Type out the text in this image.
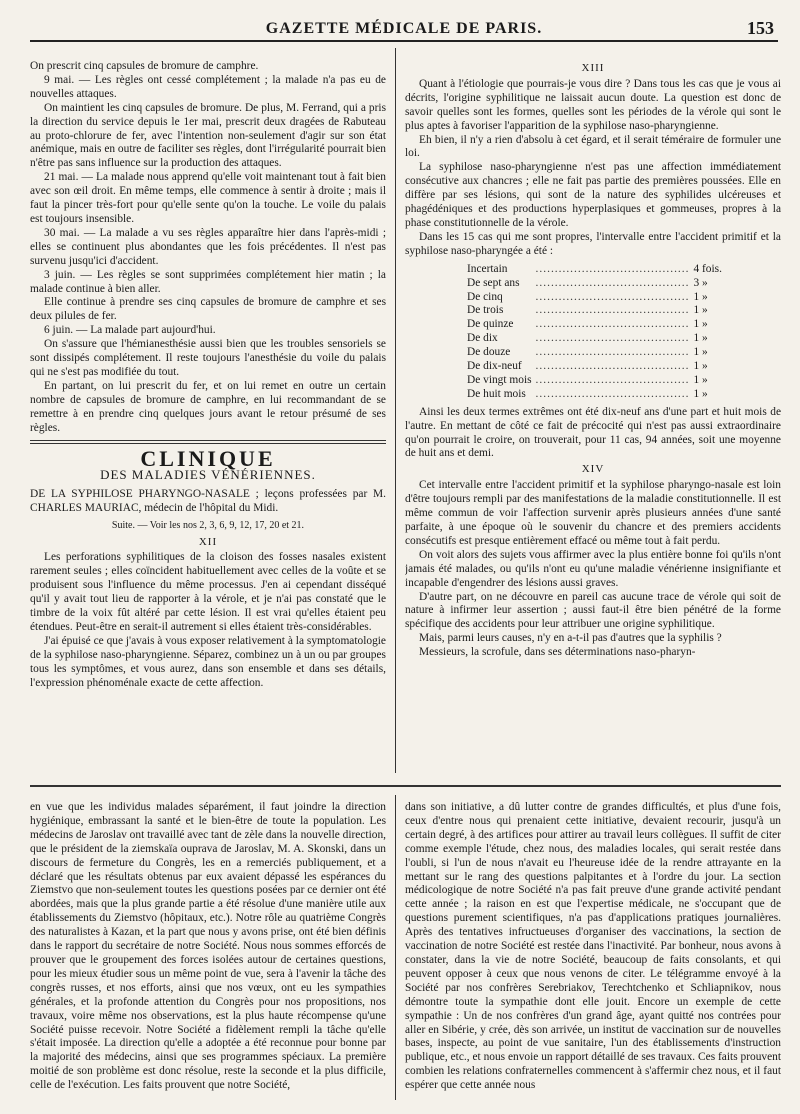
GAZETTE MÉDICALE DE PARIS.	153

On prescrit cinq capsules de bromure de camphre.

9 mai. — Les règles ont cessé complétement ; la malade n'a pas eu de nouvelles attaques.

On maintient les cinq capsules de bromure. De plus, M. Ferrand, qui a pris la direction du service depuis le 1er mai, prescrit deux dragées de Rabuteau au proto-chlorure de fer, avec l'intention non-seulement d'agir sur son état anémique, mais en outre de faciliter ses règles, dont l'irrégularité pourrait bien n'être pas sans influence sur la production des attaques.

21 mai. — La malade nous apprend qu'elle voit maintenant tout à fait bien avec son œil droit. En même temps, elle commence à sentir à droite ; mais il faut la pincer très-fort pour qu'elle sente qu'on la touche. Le voile du palais est toujours insensible.

30 mai. — La malade a vu ses règles apparaître hier dans l'après-midi ; elles se continuent plus abondantes que les fois précédentes. Il n'est pas survenu jusqu'ici d'accident.

3 juin. — Les règles se sont supprimées complétement hier matin ; la malade continue à bien aller.

Elle continue à prendre ses cinq capsules de bromure de camphre et ses deux pilules de fer.

6 juin. — La malade part aujourd'hui.

On s'assure que l'hémianesthésie aussi bien que les troubles sensoriels se sont dissipés complétement. Il reste toujours l'anesthésie du voile du palais qui ne s'est pas modifiée du tout.

En partant, on lui prescrit du fer, et on lui remet en outre un certain nombre de capsules de bromure de camphre, en lui recommandant de se remettre à en prendre cinq quelques jours avant le retour présumé de ses règles.

CLINIQUE
DES MALADIES VÉNÉRIENNES.

DE LA SYPHILOSE PHARYNGO-NASALE ; leçons professées par M. CHARLES MAURIAC, médecin de l'hôpital du Midi.

Suite. — Voir les nos 2, 3, 6, 9, 12, 17, 20 et 21.
XII

Les perforations syphilitiques de la cloison des fosses nasales existent rarement seules ; elles coïncident habituellement avec celles de la voûte et se produisent sous l'influence du même processus. J'en ai cependant disséqué qu'il y avait tout lieu de rapporter à la vérole, et je n'ai pas constaté que le timbre de la voix fût altéré par cette lésion. Il est vrai qu'elles étaient peu étendues. Peut-être en serait-il autrement si elles étaient très-considérables.

J'ai épuisé ce que j'avais à vous exposer relativement à la symptomatologie de la syphilose naso-pharyngienne. Séparez, combinez un à un ou par groupes tous les symptômes, et vous aurez, dans son ensemble et dans ses détails, l'expression phénoménale exacte de cette affection.

XIII

Quant à l'étiologie que pourrais-je vous dire ? Dans tous les cas que je vous ai décrits, l'origine syphilitique ne laissait aucun doute. La question est donc de savoir quelles sont les formes, quelles sont les périodes de la vérole qui sont le plus aptes à favoriser l'apparition de la syphilose naso-pharyngienne.

Eh bien, il n'y a rien d'absolu à cet égard, et il serait téméraire de formuler une loi.

La syphilose naso-pharyngienne n'est pas une affection immédiatement consécutive aux chancres ; elle ne fait pas partie des premières poussées. Elle en diffère par ses lésions, qui sont de la nature des syphilides ulcéreuses et phagédéniques et des productions hyperplasiques et gommeuses, propres à la phase constitutionnelle de la vérole.

Dans les 15 cas qui me sont propres, l'intervalle entre l'accident primitif et la syphilose naso-pharyngée a été :

Incertain	.....	4 fois.
De sept ans	.....	3 »
De cinq	.....	1 »
De trois	.....	1 »
De quinze	.....	1 »
De dix	.....	1 »
De douze	.....	1 »
De dix-neuf	.....	1 »
De vingt mois	.....	1 »
De huit mois	.....	1 »

Ainsi les deux termes extrêmes ont été dix-neuf ans d'une part et huit mois de l'autre. En mettant de côté ce fait de précocité qui n'est pas aussi extraordinaire qu'on pourrait le croire, on trouverait, pour 11 cas, 94 années, soit une moyenne de huit ans et demi.

XIV

Cet intervalle entre l'accident primitif et la syphilose pharyngo-nasale est loin d'être toujours rempli par des manifestations de la maladie constitutionnelle. Il est même commun de voir l'affection survenir après plusieurs années d'une santé parfaite, à une époque où le souvenir du chancre et des premiers accidents consécutifs est presque entièrement effacé ou même tout à fait perdu.

On voit alors des sujets vous affirmer avec la plus entière bonne foi qu'ils n'ont jamais été malades, ou qu'ils n'ont eu qu'une maladie vénérienne insignifiante et incapable d'engendrer des lésions aussi graves.

D'autre part, on ne découvre en pareil cas aucune trace de vérole qui soit de nature à infirmer leur assertion ; aussi faut-il être bien pénétré de la forme spécifique des accidents pour leur attribuer une origine syphilitique.

Mais, parmi leurs causes, n'y en a-t-il pas d'autres que la syphilis ?

Messieurs, la scrofule, dans ses déterminations naso-pharyn-

en vue que les individus malades séparément, il faut joindre la direction hygiénique, embrassant la santé et le bien-être de toute la population. Les médecins de Jaroslav ont travaillé avec tant de zèle dans la nouvelle direction, que le président de la ziemskaïa ouprava de Jaroslav, M. A. Skonski, dans un discours de fermeture du Congrès, les en a remerciés publiquement, et a déclaré que les résultats obtenus par eux avaient dépassé les espérances du Ziemstvo que non-seulement toutes les questions posées par ce dernier ont été abordées, mais que la plus grande partie a été résolue d'une manière utile aux établissements du Ziemstvo (hôpitaux, etc.). Notre rôle au quatrième Congrès des naturalistes à Kazan, et la part que nous y avons prise, ont été bien définis dans le rapport du secrétaire de notre Société. Nous nous sommes efforcés de prouver que le groupement des forces isolées autour de certaines questions, pour les mieux étudier sous un même point de vue, sera à l'avenir la tâche des congrès russes, et nos efforts, ainsi que nos vœux, ont eu les sympathies générales, et la profonde attention du Congrès pour nos propositions, nos travaux, voire même nos observations, est la plus haute récompense qu'une Société puisse recevoir. Notre Société a fidèlement rempli la tâche qu'elle s'était imposée. La direction qu'elle a adoptée a été reconnue pour bonne par la majorité des médecins, ainsi que ses programmes spéciaux. La première moitié de son problème est donc résolue, reste la seconde et la plus difficile, celle de l'exécution. Les faits prouvent que notre Société,

dans son initiative, a dû lutter contre de grandes difficultés, et plus d'une fois, ceux d'entre nous qui prenaient cette initiative, devaient recourir, jusqu'à un certain degré, à des artifices pour attirer au travail leurs collègues. Il suffit de citer comme exemple l'étude, chez nous, des maladies locales, qui serait restée dans l'oubli, si l'un de nous n'avait eu l'heureuse idée de la rendre attrayante en la mettant sur le rang des questions palpitantes et à l'ordre du jour. La section médicologique de notre Société n'a pas fait preuve d'une grande activité pendant cette année ; la raison en est que l'expertise médicale, ne s'occupant que de questions purement scientifiques, n'a pas d'applications pratiques journalières. Après des tentatives infructueuses d'organiser des vaccinations, la section de vaccination de notre Société est restée dans l'inactivité. Par bonheur, nous avons à constater, dans la vie de notre Société, beaucoup de faits consolants, et qui peuvent opposer à ceux que nous venons de citer. Le télégramme envoyé à la Société par nos confrères Serebriakov, Terechtchenko et Schliapnikov, nous démontre toute la sympathie dont elle jouit. Encore un exemple de cette sympathie : Un de nos confrères d'un grand âge, ayant quitté nos contrées pour aller en Sibérie, y crée, dès son arrivée, un institut de vaccination sur de nouvelles bases, inspecte, au point de vue sanitaire, l'un des établissements d'instruction publique, etc., et nous envoie un rapport détaillé de ses travaux. Ces faits prouvent combien les relations confraternelles commencent à s'affermir chez nous, et il faut espérer que cette année nous
